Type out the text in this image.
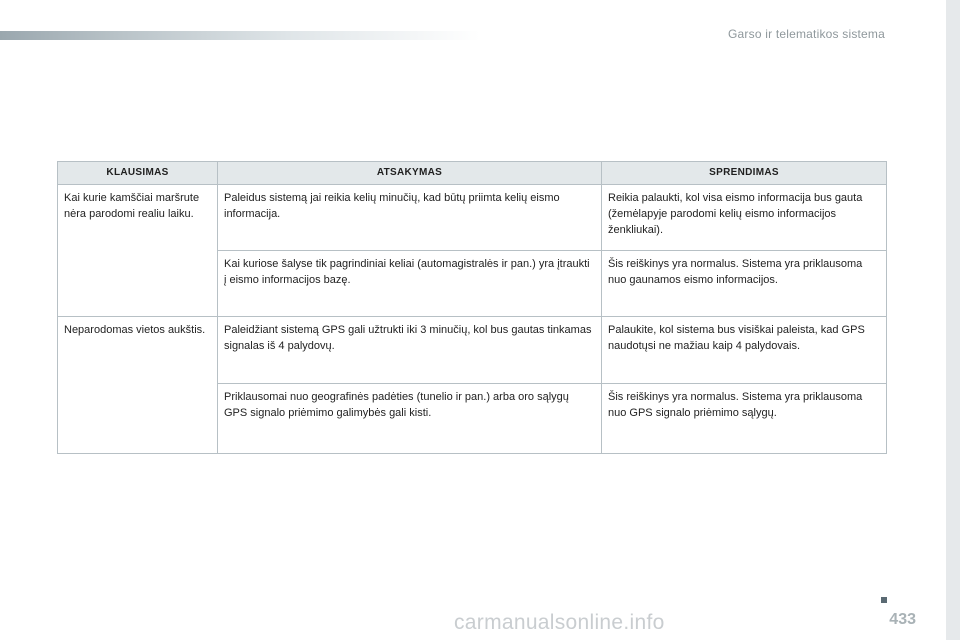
Garso ir telematikos sistema
KLAUSIMAS	ATSAKYMAS	SPRENDIMAS
Kai kurie kamščiai maršrute nėra parodomi realiu laiku.	Paleidus sistemą jai reikia kelių minučių, kad būtų priimta kelių eismo informacija.	Reikia palaukti, kol visa eismo informacija bus gauta (žemėlapyje parodomi kelių eismo informacijos ženkliukai).
	Kai kuriose šalyse tik pagrindiniai keliai (automagistralės ir pan.) yra įtraukti į eismo informacijos bazę.	Šis reiškinys yra normalus. Sistema yra priklausoma nuo gaunamos eismo informacijos.
Neparodomas vietos aukštis.	Paleidžiant sistemą GPS gali užtrukti iki 3 minučių, kol bus gautas tinkamas signalas iš 4 palydovų.	Palaukite, kol sistema bus visiškai paleista, kad GPS naudotųsi ne mažiau kaip 4 palydovais.
	Priklausomai nuo geografinės padėties (tunelio ir pan.) arba oro sąlygų GPS signalo priėmimo galimybės gali kisti.	Šis reiškinys yra normalus. Sistema yra priklausoma nuo GPS signalo priėmimo sąlygų.
carmanualsonline.info	433
